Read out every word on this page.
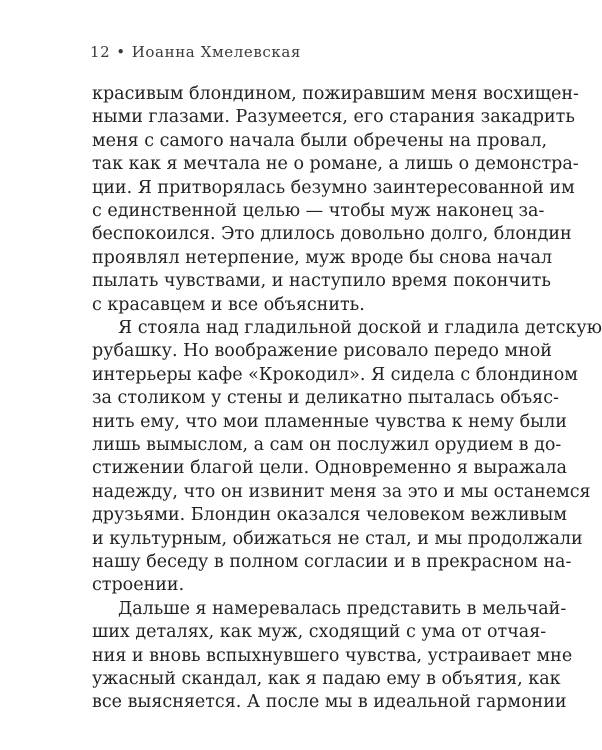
12 • Иоанна Хмелевская
красивым блондином, пожиравшим меня восхищен-
ными глазами. Разумеется, его старания закадрить
меня с самого начала были обречены на провал,
так как я мечтала не о романе, а лишь о демонстра-
ции. Я притворялась безумно заинтересованной им
с единственной целью — чтобы муж наконец за-
беспокоился. Это длилось довольно долго, блондин
проявлял нетерпение, муж вроде бы снова начал
пылать чувствами, и наступило время покончить
с красавцем и все объяснить.
Я стояла над гладильной доской и гладила детскую
рубашку. Но воображение рисовало передо мной
интерьеры кафе «Крокодил». Я сидела с блондином
за столиком у стены и деликатно пыталась объяс-
нить ему, что мои пламенные чувства к нему были
лишь вымыслом, а сам он послужил орудием в до-
стижении благой цели. Одновременно я выражала
надежду, что он извинит меня за это и мы останемся
друзьями. Блондин оказался человеком вежливым
и культурным, обижаться не стал, и мы продолжали
нашу беседу в полном согласии и в прекрасном на-
строении.
Дальше я намеревалась представить в мельчай-
ших деталях, как муж, сходящий с ума от отчая-
ния и вновь вспыхнувшего чувства, устраивает мне
ужасный скандал, как я падаю ему в объятия, как
все выясняется. А после мы в идеальной гармонии
